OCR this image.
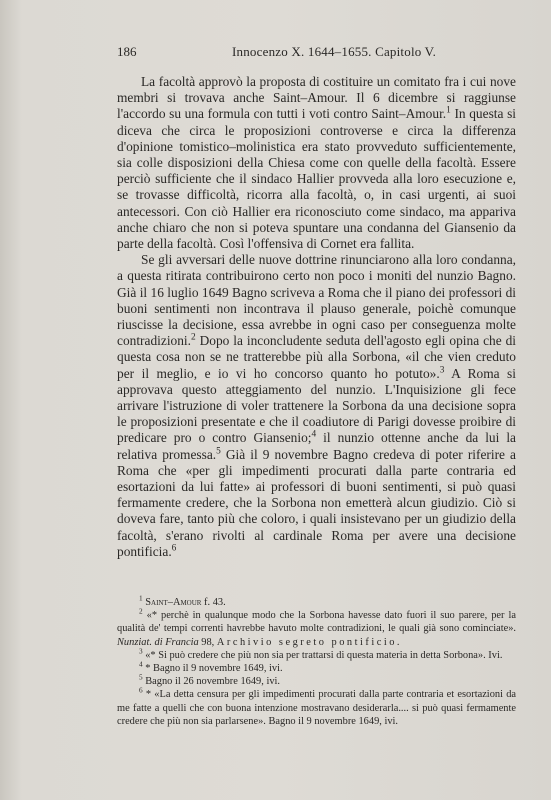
186	Innocenzo X. 1644–1655. Capitolo V.

La facoltà approvò la proposta di costituire un comitato fra i cui nove membri si trovava anche Saint–Amour. Il 6 dicembre si raggiunse l'accordo su una formula con tutti i voti contro Saint–Amour.$^1$ In questa si diceva che circa le proposizioni controverse e circa la differenza d'opinione tomistico–molinistica era stato provveduto sufficientemente, sia colle disposizioni della Chiesa come con quelle della facoltà. Essere perciò sufficiente che il sindaco Hallier provveda alla loro esecuzione e, se trovasse difficoltà, ricorra alla facoltà, o, in casi urgenti, ai suoi antecessori. Con ciò Hallier era riconosciuto come sindaco, ma appariva anche chiaro che non si poteva spuntare una condanna del Giansenio da parte della facoltà. Così l'offensiva di Cornet era fallita.

Se gli avversari delle nuove dottrine rinunciarono alla loro condanna, a questa ritirata contribuirono certo non poco i moniti del nunzio Bagno. Già il 16 luglio 1649 Bagno scriveva a Roma che il piano dei professori di buoni sentimenti non incontrava il plauso generale, poichè comunque riuscisse la decisione, essa avrebbe in ogni caso per conseguenza molte contradizioni.$^2$ Dopo la inconcludente seduta dell'agosto egli opina che di questa cosa non se ne tratterebbe più alla Sorbona, «il che vien creduto per il meglio, e io vi ho concorso quanto ho potuto».$^3$ A Roma si approvava questo atteggiamento del nunzio. L'Inquisizione gli fece arrivare l'istruzione di voler trattenere la Sorbona da una decisione sopra le proposizioni presentate e che il coadiutore di Parigi dovesse proibire di predicare pro o contro Giansenio;$^4$ il nunzio ottenne anche da lui la relativa promessa.$^5$ Già il 9 novembre Bagno credeva di poter riferire a Roma che «per gli impedimenti procurati dalla parte contraria ed esortazioni da lui fatte» ai professori di buoni sentimenti, si può quasi fermamente credere, che la Sorbona non emetterà alcun giudizio. Ciò si doveva fare, tanto più che coloro, i quali insistevano per un giudizio della facoltà, s'erano rivolti al cardinale Roma per avere una decisione pontificia.$^6$

$^1$ Saint–Amour f. 43.

$^2$ «* perchè in qualunque modo che la Sorbona havesse dato fuori il suo parere, per la qualità de' tempi correnti havrebbe havuto molte contradizioni, le quali già sono cominciate». Nunziat. di Francia 98, Archivio segreto pontificio.

$^3$ «* Si può credere che più non sia per trattarsi di questa materia in detta Sorbona». Ivi.

$^4$ * Bagno il 9 novembre 1649, ivi.

$^5$ Bagno il 26 novembre 1649, ivi.

$^6$ * «La detta censura per gli impedimenti procurati dalla parte contraria et esortazioni da me fatte a quelli che con buona intenzione mostravano desiderarla.... si può quasi fermamente credere che più non sia parlarsene». Bagno il 9 novembre 1649, ivi.
